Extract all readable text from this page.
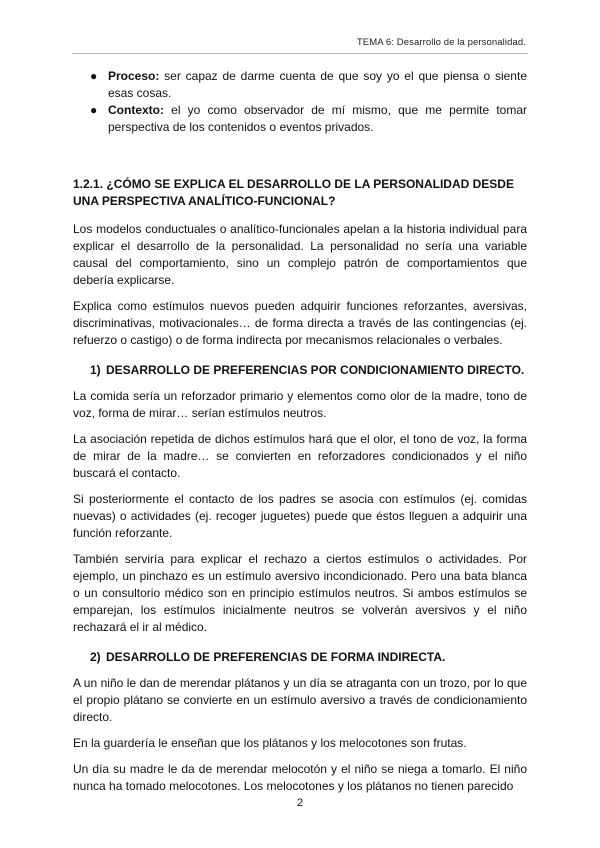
TEMA 6: Desarrollo de la personalidad.
● Proceso: ser capaz de darme cuenta de que soy yo el que piensa o siente esas cosas.
● Contexto: el yo como observador de mí mismo, que me permite tomar perspectiva de los contenidos o eventos privados.
1.2.1. ¿CÓMO SE EXPLICA EL DESARROLLO DE LA PERSONALIDAD DESDE UNA PERSPECTIVA ANALÍTICO-FUNCIONAL?

Los modelos conductuales o analítico-funcionales apelan a la historia individual para explicar el desarrollo de la personalidad. La personalidad no sería una variable causal del comportamiento, sino un complejo patrón de comportamientos que debería explicarse.

Explica como estímulos nuevos pueden adquirir funciones reforzantes, aversivas, discriminativas, motivacionales… de forma directa a través de las contingencias (ej. refuerzo o castigo) o de forma indirecta por mecanismos relacionales o verbales.

1) DESARROLLO DE PREFERENCIAS POR CONDICIONAMIENTO DIRECTO.

La comida sería un reforzador primario y elementos como olor de la madre, tono de voz, forma de mirar… serían estímulos neutros.

La asociación repetida de dichos estímulos hará que el olor, el tono de voz, la forma de mirar de la madre… se convierten en reforzadores condicionados y el niño buscará el contacto.

Si posteriormente el contacto de los padres se asocia con estímulos (ej. comidas nuevas) o actividades (ej. recoger juguetes) puede que éstos lleguen a adquirir una función reforzante.

También serviría para explicar el rechazo a ciertos estímulos o actividades. Por ejemplo, un pinchazo es un estímulo aversivo incondicionado. Pero una bata blanca o un consultorio médico son en principio estímulos neutros. Si ambos estímulos se emparejan, los estímulos inicialmente neutros se volverán aversivos y el niño rechazará el ir al médico.

2) DESARROLLO DE PREFERENCIAS DE FORMA INDIRECTA.

A un niño le dan de merendar plátanos y un día se atraganta con un trozo, por lo que el propio plátano se convierte en un estímulo aversivo a través de condicionamiento directo.

En la guardería le enseñan que los plátanos y los melocotones son frutas.

Un día su madre le da de merendar melocotón y el niño se niega a tomarlo. El niño nunca ha tomado melocotones. Los melocotones y los plátanos no tienen parecido

2
